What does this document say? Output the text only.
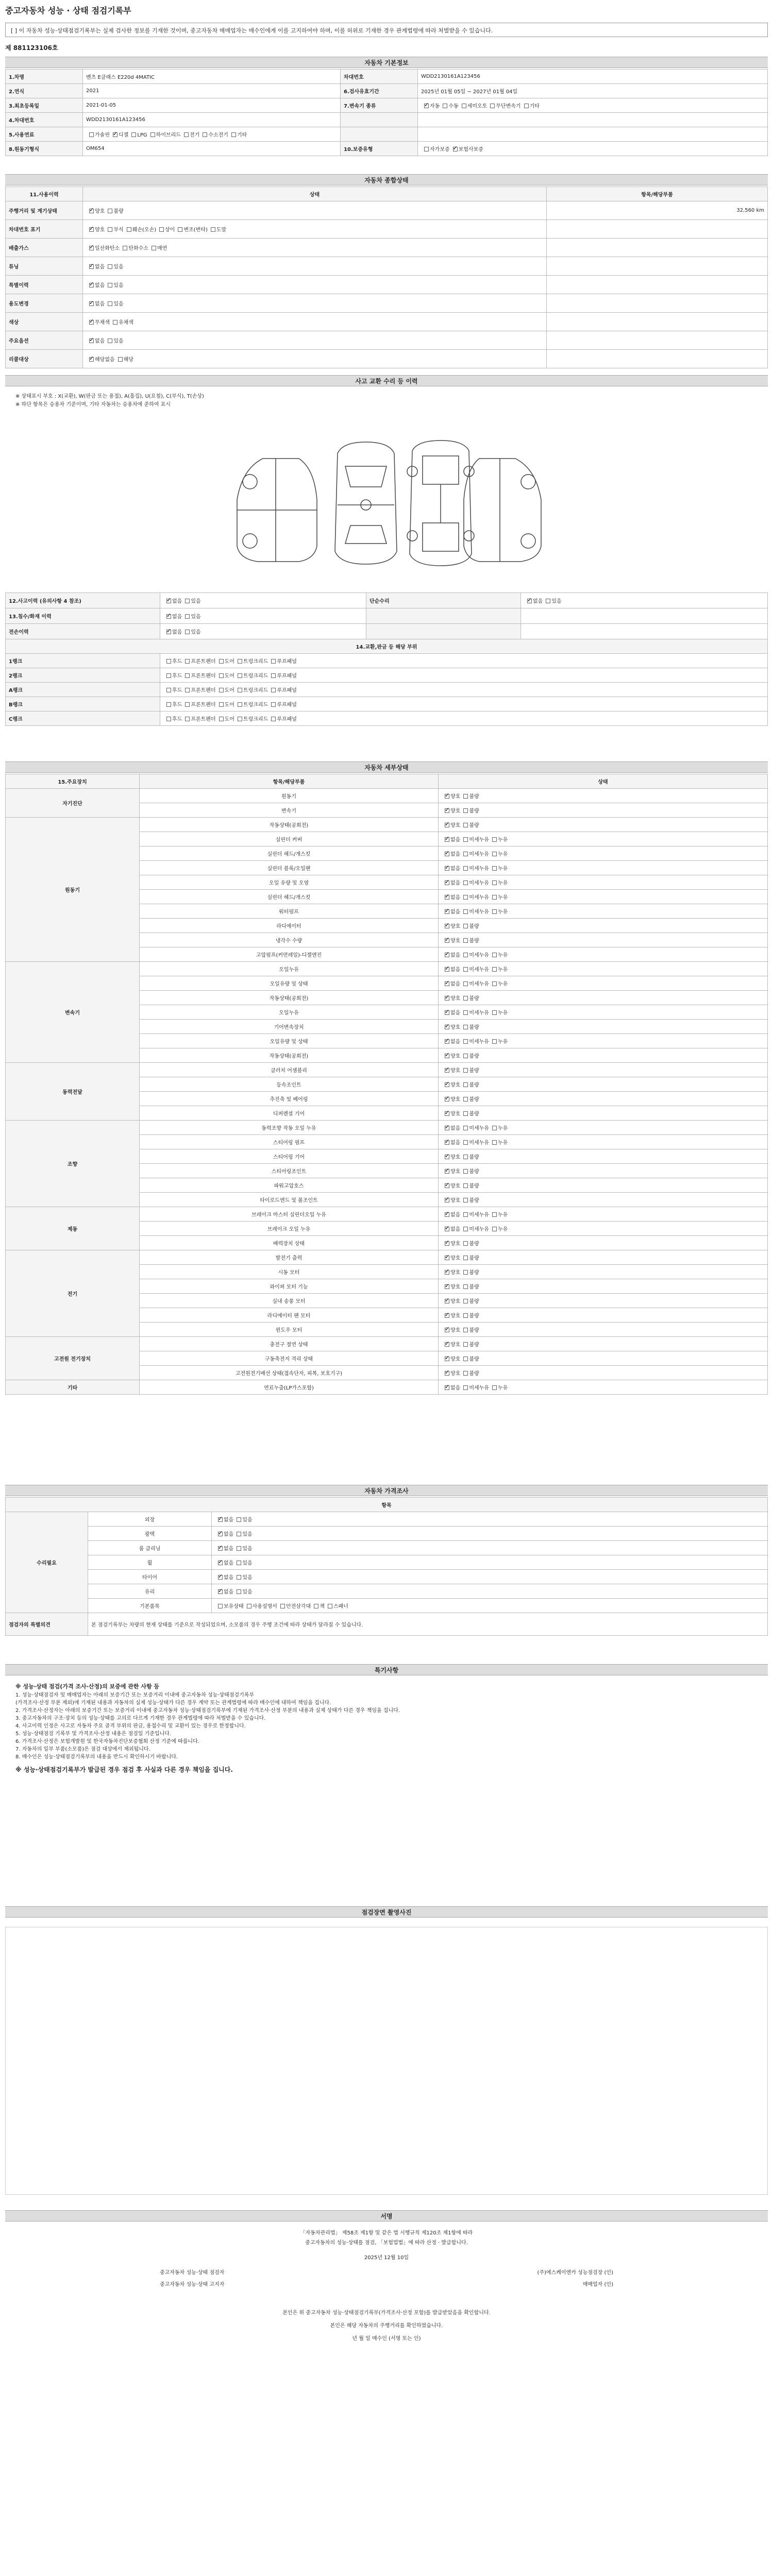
중고자동차 성능 · 상태 점검기록부
[ ] 이 자동차 성능·상태점검기록부는 실제 검사한 정보를 기재한 것이며, 중고자동차 매매업자는 매수인에게 이를 고지하여야 하며, 이를 허위로 기재한 경우 관계법령에 따라 처벌받을 수 있습니다.
제 881123106호
자동차 기본정보
1.차명	벤츠 E클래스 E220d 4MATIC	차대번호	WDD2130161A123456
2.연식	2021	6.검사유효기간	2025년 01월 05일 ~ 2027년 01월 04일
3.최초등록일	2021-01-05	7.변속기 종류	✓자동 수동 세미오토 무단변속기 기타
4.차대번호	WDD2130161A123456		
5.사용연료	가솔린 ✓ 디젤 LPG 하이브리드 전기 수소전기 기타		
8.원동기형식	OM654	10.보증유형	자가보증 ✓ 보험사보증
자동차 종합상태
11.사용이력	상태	항목/해당부품
주행거리 및 계기상태	✓양호 불량	32,560 km
차대번호 표기	✓양호 부식 훼손(오손) 상이 변조(변타) 도말	
배출가스	✓일산화탄소 탄화수소 매연	
튜닝	✓없음 있음	
특별이력	✓없음 있음	
용도변경	✓없음 있음	
색상	✓무채색 유채색	
주요옵션	✓없음 있음	
리콜대상	✓해당없음 해당	
사고 교환 수리 등 이력
※ 상태표시 부호 : X(교환), W(판금 또는 용접), A(흠집), U(요철), C(부식), T(손상)
※ 하단 항목은 승용차 기준이며, 기타 자동차는 승용차에 준하여 표시
12.사고이력 (유의사항 4 참조)	✓없음 있음	단순수리	✓없음 있음
13.침수/화재 이력	✓없음 있음		
전손이력	✓없음 있음		
14.교환,판금 등 해당 부위			
1랭크	후드 프론트펜더 도어 트렁크리드 루프패널		
2랭크	후드 프론트펜더 도어 트렁크리드 루프패널		
A랭크	후드 프론트펜더 도어 트렁크리드 루프패널		
B랭크	후드 프론트펜더 도어 트렁크리드 루프패널		
C랭크	후드 프론트펜더 도어 트렁크리드 루프패널		
자동차 세부상태
15.주요장치	항목/해당부품	상태
자기진단	원동기	✓양호 불량
	변속기	✓양호 불량
원동기	작동상태(공회전)	✓양호 불량
	실린더 커버	✓없음 미세누유 누유
	실린더 헤드/개스킷	✓없음 미세누유 누유
	실린더 블록/오일팬	✓없음 미세누유 누유
	오일 유량 및 오염	✓없음 미세누유 누유
	실린더 헤드/개스킷	✓없음 미세누유 누유
	워터펌프	✓없음 미세누유 누유
	라디에이터	✓양호 불량
	냉각수 수량	✓양호 불량
	고압펌프(커먼레일)-디젤엔진	✓없음 미세누유 누유
변속기	오일누유	✓없음 미세누유 누유
	오일유량 및 상태	✓없음 미세누유 누유
	작동상태(공회전)	✓양호 불량
	오일누유	✓없음 미세누유 누유
	기어변속장치	✓양호 불량
	오일유량 및 상태	✓없음 미세누유 누유
	작동상태(공회전)	✓양호 불량
동력전달	클러치 어셈블리	✓양호 불량
	등속조인트	✓양호 불량
	추진축 및 베어링	✓양호 불량
	디퍼렌셜 기어	✓양호 불량
조향	동력조향 작동 오일 누유	✓없음 미세누유 누유
	스티어링 펌프	✓없음 미세누유 누유
	스티어링 기어	✓양호 불량
	스티어링조인트	✓양호 불량
	파워고압호스	✓양호 불량
	타이로드엔드 및 볼조인트	✓양호 불량
제동	브레이크 마스터 실린더오일 누유	✓없음 미세누유 누유
	브레이크 오일 누유	✓없음 미세누유 누유
	배력장치 상태	✓양호 불량
전기	발전기 출력	✓양호 불량
	시동 모터	✓양호 불량
	와이퍼 모터 기능	✓양호 불량
	실내 송풍 모터	✓양호 불량
	라디에이터 팬 모터	✓양호 불량
	윈도우 모터	✓양호 불량
고전원 전기장치	충전구 절연 상태	✓양호 불량
	구동축전지 격리 상태	✓양호 불량
	고전원전기배선 상태(접속단자, 피복, 보호기구)	✓양호 불량
기타	연료누출(LP가스포함)	✓없음 미세누유 누유
자동차 가격조사
항목		
수리필요	외장	✓없음 있음
	광택	✓없음 있음
	룸 클리닝	✓없음 있음
	휠	✓없음 있음
	타이어	✓없음 있음
	유리	✓없음 있음
	기본품목	보유상태 사용설명서 안전삼각대 잭 스패너
점검자의 특별의견	본 점검기록부는 차량의 현재 상태를 기준으로 작성되었으며, 소모품의 경우 주행 조건에 따라 상태가 달라질 수 있습니다.	
특기사항
※ 성능·상태 점검(가격 조사·산정)의 보증에 관한 사항 등
1. 성능·상태점검자 및 매매업자는 아래의 보증기간 또는 보증거리 이내에 중고자동차 성능·상태점검기록부
(가격조사·산정 부분 제외)에 기재된 내용과 자동차의 실제 성능·상태가 다른 경우 계약 또는 관계법령에 따라 매수인에 대하여 책임을 집니다.
2. 가격조사·산정자는 아래의 보증기간 또는 보증거리 이내에 중고자동차 성능·상태점검기록부에 기재된 가격조사·산정 부분의 내용과 실제 상태가 다른 경우 책임을 집니다.
3. 중고자동차의 구조·장치 등의 성능·상태를 고의로 다르게 기재한 경우 관계법령에 따라 처벌받을 수 있습니다.
4. 사고이력 인정은 사고로 자동차 주요 골격 부위의 판금, 용접수리 및 교환이 있는 경우로 한정합니다.
5. 성능·상태점검 기록부 및 가격조사·산정 내용은 점검일 기준입니다.
6. 가격조사·산정은 보험개발원 및 한국자동차진단보증협회 산정 기준에 따릅니다.
7. 자동차의 일부 부품(소모품)은 점검 대상에서 제외됩니다.
8. 매수인은 성능·상태점검기록부의 내용을 반드시 확인하시기 바랍니다.
※ 성능·상태점검기록부가 발급된 경우 점검 후 사실과 다른 경우 책임을 집니다.
점검장면 촬영사진
서명
「자동차관리법」 제58조 제1항 및 같은 법 시행규칙 제120조 제1항에 따라
중고자동차의 성능·상태를 점검, 「보험업법」에 따라 산정 · 발급합니다.
2025년 12월 10일
중고자동차 성능·상태 점검자	(주)에스케이엔카 성능점검장 (인)
중고자동차 성능·상태 고지자	매매업자 (인)
본인은 위 중고자동차 성능·상태점검기록부(가격조사·산정 포함)를 발급받았음을 확인합니다.
본인은 해당 자동차의 주행거리를 확인하였습니다.
년 월 일 매수인 (서명 또는 인)
